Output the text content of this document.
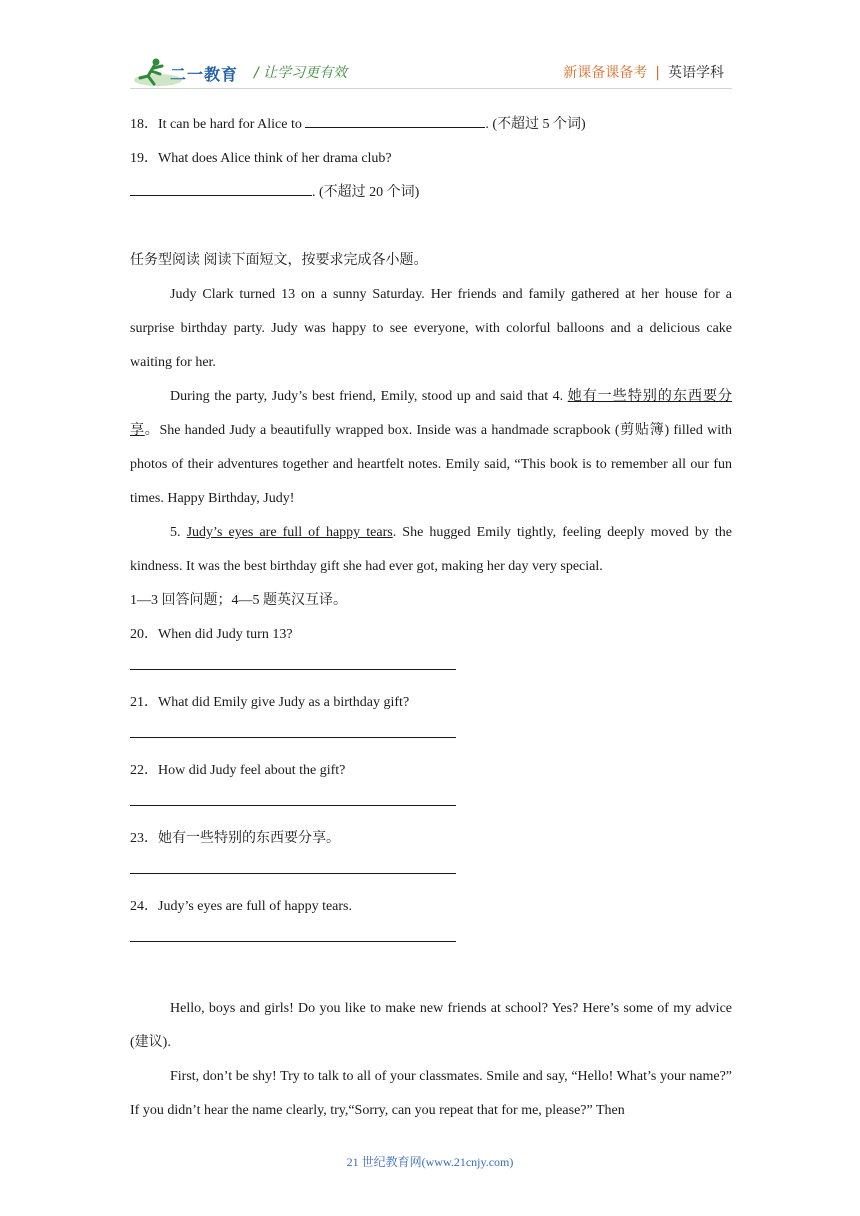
二一教育 / 让学习更有效	新课备课备考 | 英语学科
18．It can be hard for Alice to	. (不超过 5 个词)
19．What does Alice think of her drama club?
. (不超过 20 个词)
任务型阅读 阅读下面短文，按要求完成各小题。

Judy Clark turned 13 on a sunny Saturday. Her friends and family gathered at her house for a surprise birthday party. Judy was happy to see everyone, with colorful balloons and a delicious cake waiting for her.

During the party, Judy’s best friend, Emily, stood up and said that 4. 她有一些特别的东西要分享。She handed Judy a beautifully wrapped box. Inside was a handmade scrapbook (剪贴簿) filled with photos of their adventures together and heartfelt notes. Emily said, “This book is to remember all our fun times. Happy Birthday, Judy!

5. Judy’s eyes are full of happy tears. She hugged Emily tightly, feeling deeply moved by the kindness. It was the best birthday gift she had ever got, making her day very special.

1—3 回答问题；4—5 题英汉互译。
20．When did Judy turn 13?
21．What did Emily give Judy as a birthday gift?
22．How did Judy feel about the gift?
23．她有一些特别的东西要分享。
24．Judy’s eyes are full of happy tears.

Hello, boys and girls! Do you like to make new friends at school? Yes? Here’s some of my advice (建议).

First, don’t be shy! Try to talk to all of your classmates. Smile and say, “Hello! What’s your name?” If you didn’t hear the name clearly, try,“Sorry, can you repeat that for me, please?” Then

21 世纪教育网(www.21cnjy.com)
